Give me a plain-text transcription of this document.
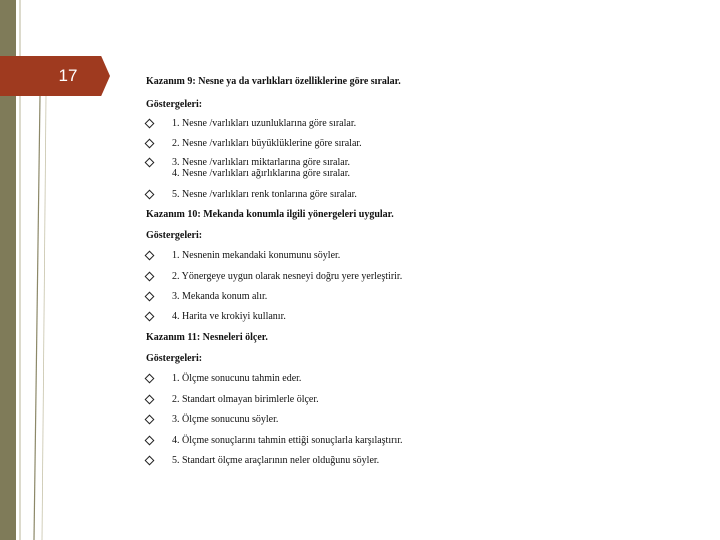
17	Kazanım 9: Nesne ya da varlıkları özelliklerine göre sıralar.
Göstergeleri:
1. Nesne /varlıkları uzunluklarına göre sıralar.
2. Nesne /varlıkları büyüklüklerine göre sıralar.
3. Nesne /varlıkları miktarlarına göre sıralar.
4. Nesne /varlıkları ağırlıklarına göre sıralar.
5. Nesne /varlıkları renk tonlarına göre sıralar.
Kazanım 10: Mekanda konumla ilgili yönergeleri uygular.
Göstergeleri:
1. Nesnenin mekandaki konumunu söyler.
2. Yönergeye uygun olarak nesneyi doğru yere yerleştirir.
3. Mekanda konum alır.
4. Harita ve krokiyi kullanır.
Kazanım 11: Nesneleri ölçer.
Göstergeleri:
1. Ölçme sonucunu tahmin eder.
2. Standart olmayan birimlerle ölçer.
3. Ölçme sonucunu söyler.
4. Ölçme sonuçlarını tahmin ettiği sonuçlarla karşılaştırır.
5. Standart ölçme araçlarının neler olduğunu söyler.
